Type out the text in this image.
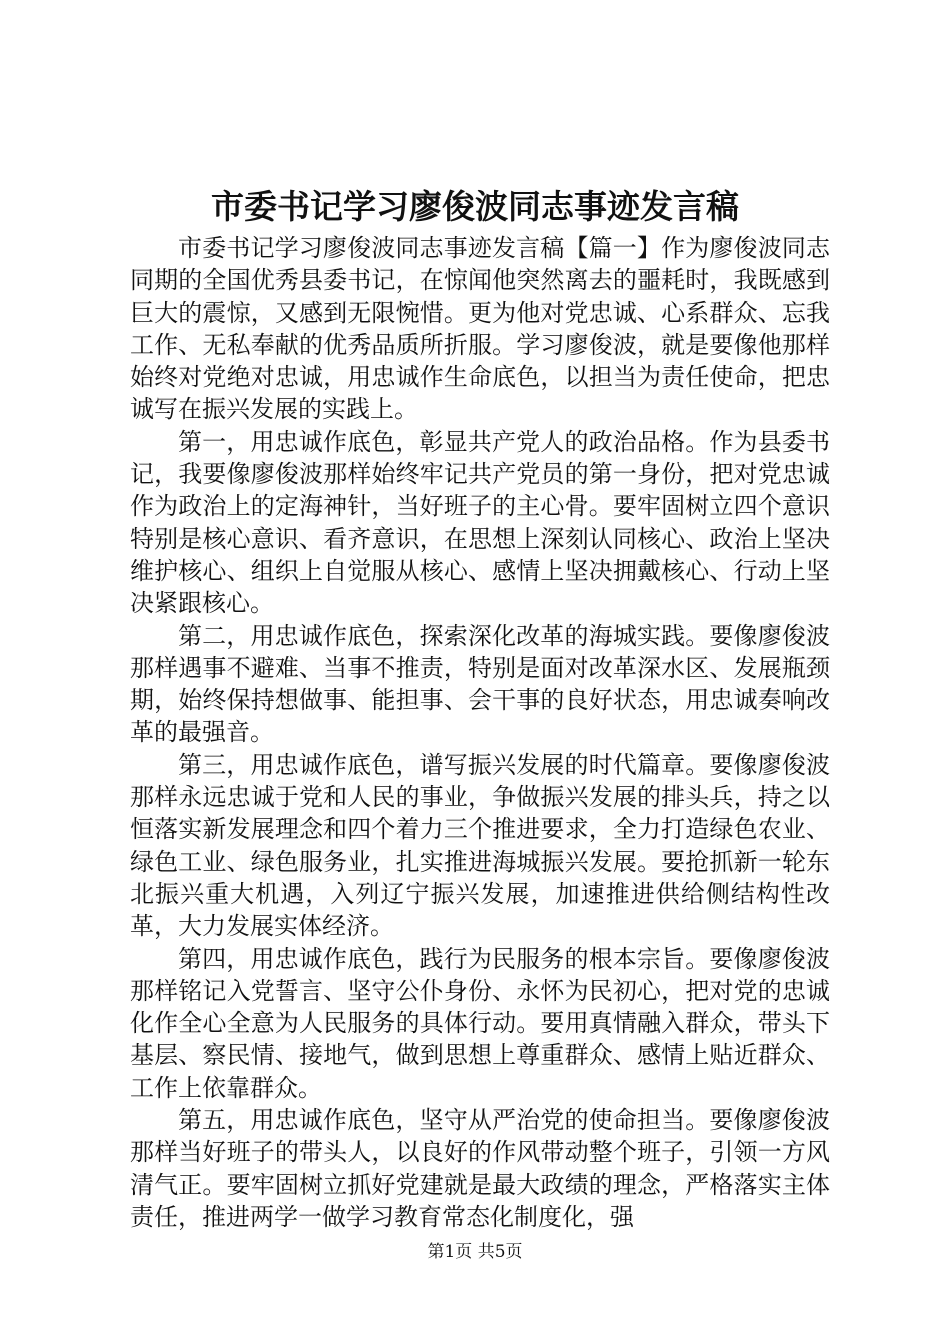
市委书记学习廖俊波同志事迹发言稿

市委书记学习廖俊波同志事迹发言稿【篇一】作为廖俊波同志同期的全国优秀县委书记，在惊闻他突然离去的噩耗时，我既感到巨大的震惊，又感到无限惋惜。更为他对党忠诚、心系群众、忘我工作、无私奉献的优秀品质所折服。学习廖俊波，就是要像他那样始终对党绝对忠诚，用忠诚作生命底色，以担当为责任使命，把忠诚写在振兴发展的实践上。

第一，用忠诚作底色，彰显共产党人的政治品格。作为县委书记，我要像廖俊波那样始终牢记共产党员的第一身份，把对党忠诚作为政治上的定海神针，当好班子的主心骨。要牢固树立四个意识特别是核心意识、看齐意识，在思想上深刻认同核心、政治上坚决维护核心、组织上自觉服从核心、感情上坚决拥戴核心、行动上坚决紧跟核心。

第二，用忠诚作底色，探索深化改革的海城实践。要像廖俊波那样遇事不避难、当事不推责，特别是面对改革深水区、发展瓶颈期，始终保持想做事、能担事、会干事的良好状态，用忠诚奏响改革的最强音。

第三，用忠诚作底色，谱写振兴发展的时代篇章。要像廖俊波那样永远忠诚于党和人民的事业，争做振兴发展的排头兵，持之以恒落实新发展理念和四个着力三个推进要求，全力打造绿色农业、绿色工业、绿色服务业，扎实推进海城振兴发展。要抢抓新一轮东北振兴重大机遇，入列辽宁振兴发展，加速推进供给侧结构性改革，大力发展实体经济。

第四，用忠诚作底色，践行为民服务的根本宗旨。要像廖俊波那样铭记入党誓言、坚守公仆身份、永怀为民初心，把对党的忠诚化作全心全意为人民服务的具体行动。要用真情融入群众，带头下基层、察民情、接地气，做到思想上尊重群众、感情上贴近群众、工作上依靠群众。

第五，用忠诚作底色，坚守从严治党的使命担当。要像廖俊波那样当好班子的带头人，以良好的作风带动整个班子，引领一方风清气正。要牢固树立抓好党建就是最大政绩的理念，严格落实主体责任，推进两学一做学习教育常态化制度化，强

第1页 共5页
